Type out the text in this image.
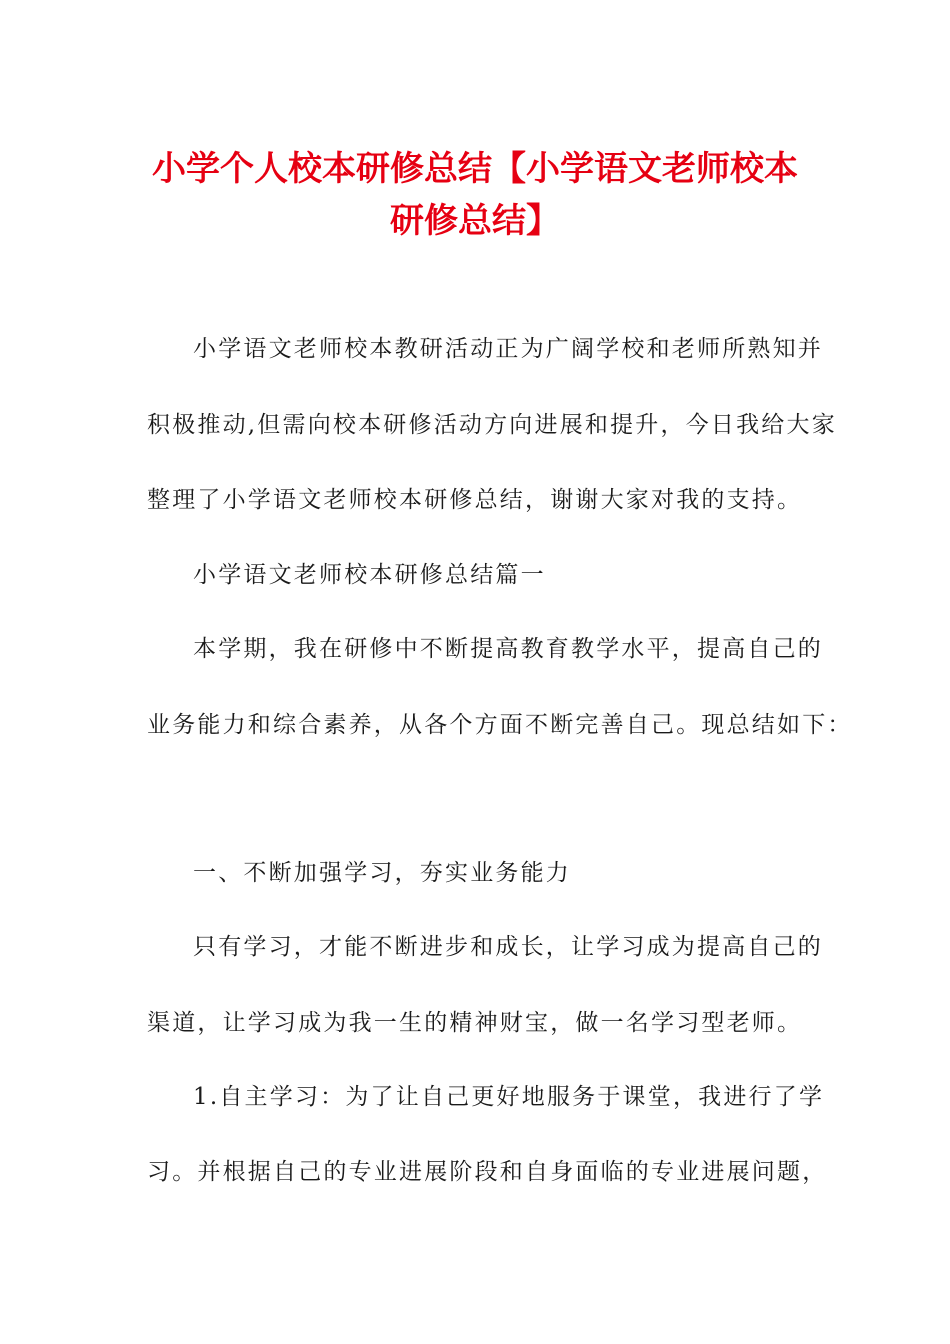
小学个人校本研修总结【小学语文老师校本
研修总结】

小学语文老师校本教研活动正为广阔学校和老师所熟知并

积极推动,但需向校本研修活动方向进展和提升，今日我给大家

整理了小学语文老师校本研修总结，谢谢大家对我的支持。

小学语文老师校本研修总结篇一

本学期，我在研修中不断提高教育教学水平，提高自己的

业务能力和综合素养，从各个方面不断完善自己。现总结如下：

一、不断加强学习，夯实业务能力

只有学习，才能不断进步和成长，让学习成为提高自己的

渠道，让学习成为我一生的精神财宝，做一名学习型老师。

1.自主学习：为了让自己更好地服务于课堂，我进行了学

习。并根据自己的专业进展阶段和自身面临的专业进展问题，
